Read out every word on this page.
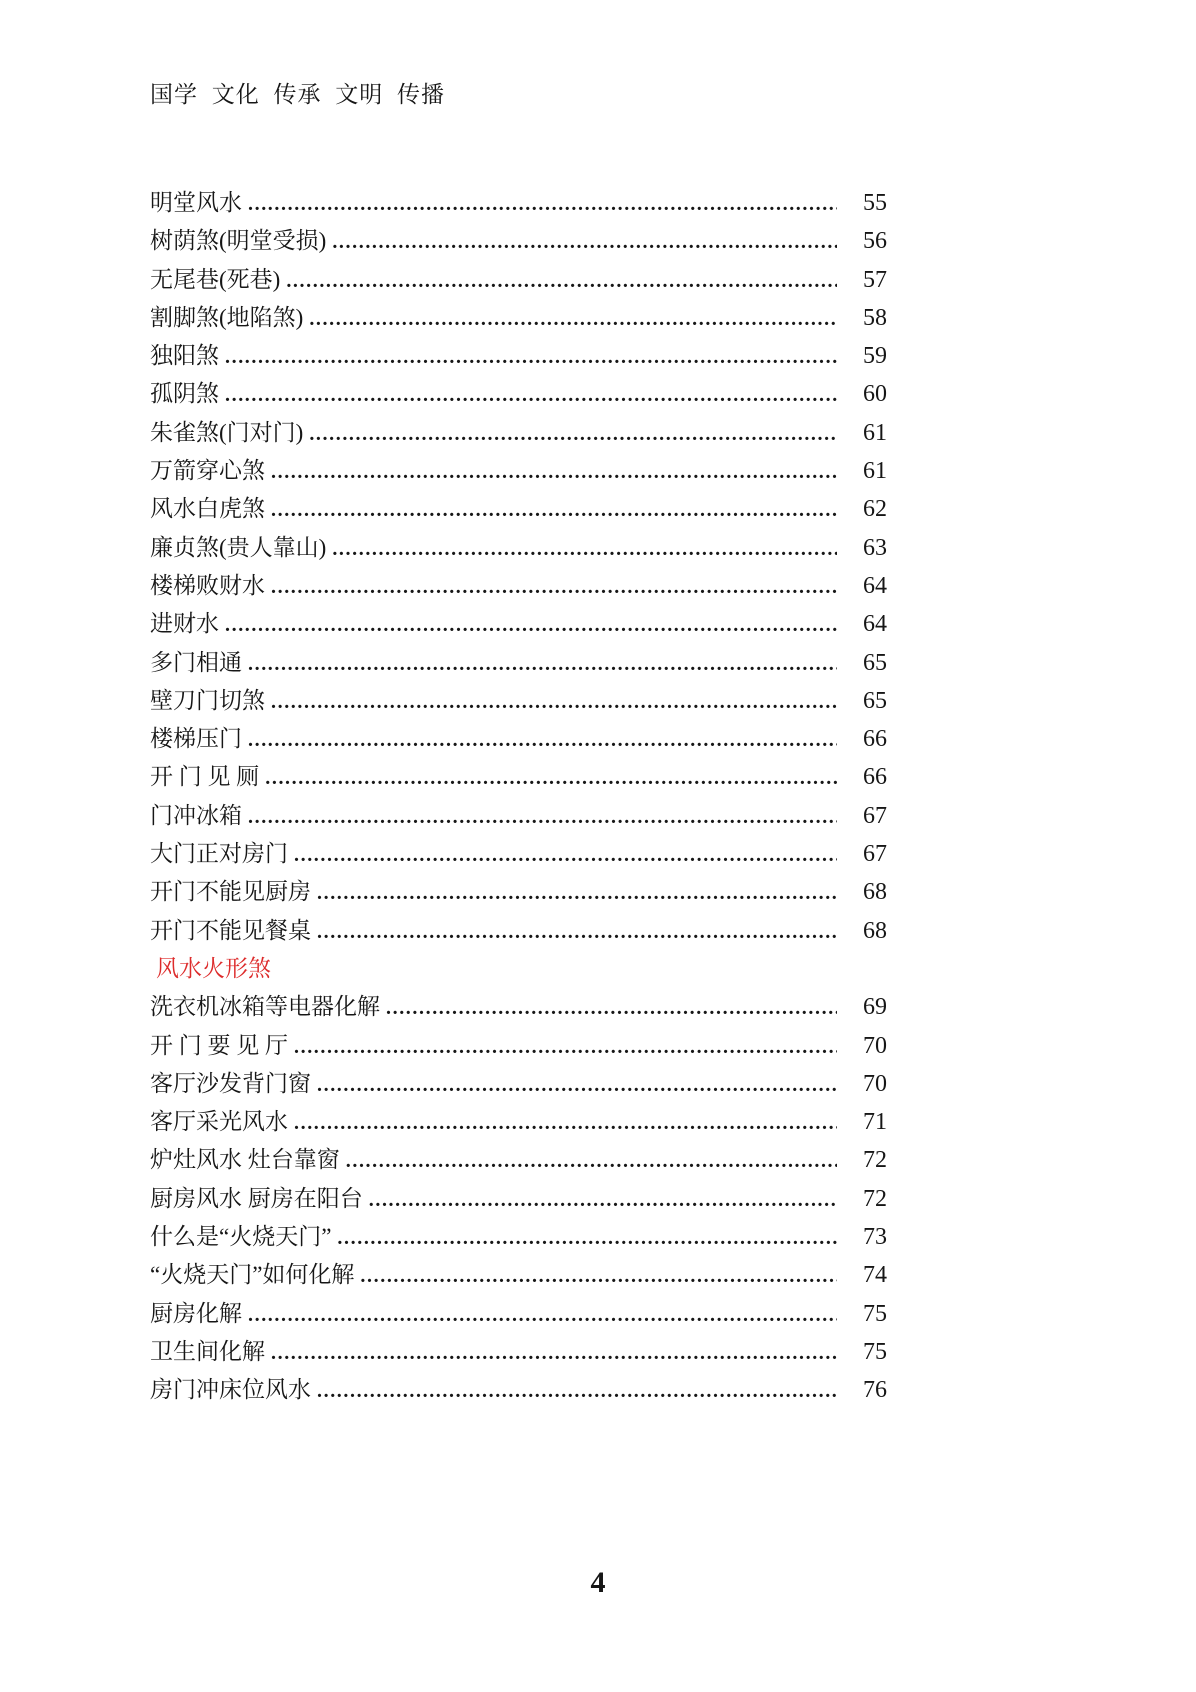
国学 文化 传承 文明 传播
明堂风水 .....	55
树荫煞(明堂受损) .....	56
无尾巷(死巷) .....	57
割脚煞(地陷煞) .....	58
独阳煞 .....	59
孤阴煞 .....	60
朱雀煞(门对门) .....	61
万箭穿心煞 .....	61
风水白虎煞 .....	62
廉贞煞(贵人靠山) .....	63
楼梯败财水 .....	64
进财水 .....	64
多门相通 .....	65
壁刀门切煞 .....	65
楼梯压门 .....	66
开 门 见 厕 .....	66
门冲冰箱 .....	67
大门正对房门 .....	67
开门不能见厨房 .....	68
开门不能见餐桌 .....	68
风水火形煞
洗衣机冰箱等电器化解 .....	69
开 门 要 见 厅 .....	70
客厅沙发背门窗 .....	70
客厅采光风水 .....	71
炉灶风水 灶台靠窗 .....	72
厨房风水 厨房在阳台 .....	72
什么是“火烧天门” .....	73
“火烧天门”如何化解 .....	74
厨房化解 .....	75
卫生间化解 .....	75
房门冲床位风水 .....	76
4
